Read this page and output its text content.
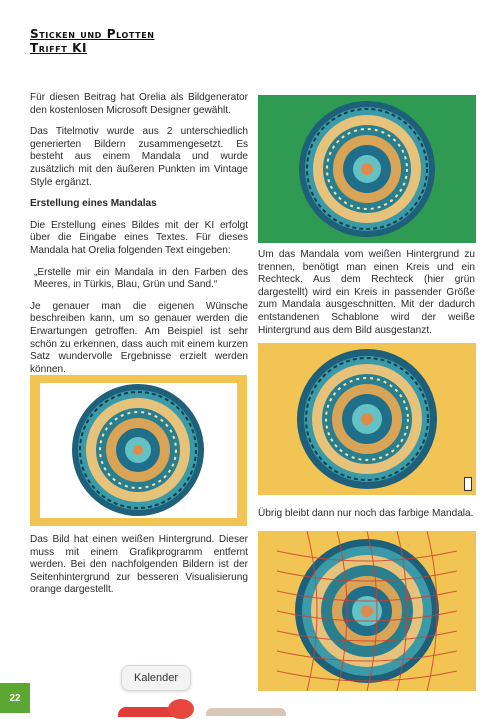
Sticken und Plotten
Trifft KI

Für diesen Beitrag hat Orelia als Bildgenerator den kostenlosen Microsoft Designer gewählt.

Das Titelmotiv wurde aus 2 unterschiedlich generierten Bildern zusammengesetzt. Es besteht aus einem Mandala und wurde zusätzlich mit den äußeren Punkten im Vintage Style ergänzt.

Erstellung eines Mandalas

Die Erstellung eines Bildes mit der KI erfolgt über die Eingabe eines Textes. Für dieses Mandala hat Orelia folgenden Text eingeben:

„Erstelle mir ein Mandala in den Farben des Meeres, in Türkis, Blau, Grün und Sand.“

Je genauer man die eigenen Wünsche beschreiben kann, um so genauer werden die Erwartungen getroffen. Am Beispiel ist sehr schön zu erkennen, dass auch mit einem kurzen Satz wundervolle Ergebnisse erzielt werden können.

Um das Mandala vom weißen Hintergrund zu trennen, benötigt man einen Kreis und ein Rechteck. Aus dem Rechteck (hier grün dargestellt) wird ein Kreis in passender Größe zum Mandala ausgeschnitten. Mit der dadurch entstandenen Schablone wird der weiße Hintergrund aus dem Bild ausgestanzt.
Übrig bleibt dann nur noch das farbige Mandala.
Das Bild hat einen weißen Hintergrund. Dieser muss mit einem Grafikprogramm entfernt werden. Bei den nachfolgenden Bildern ist der Seitenhintergrund zur besseren Visualisierung orange dargestellt.
22
Kalender
